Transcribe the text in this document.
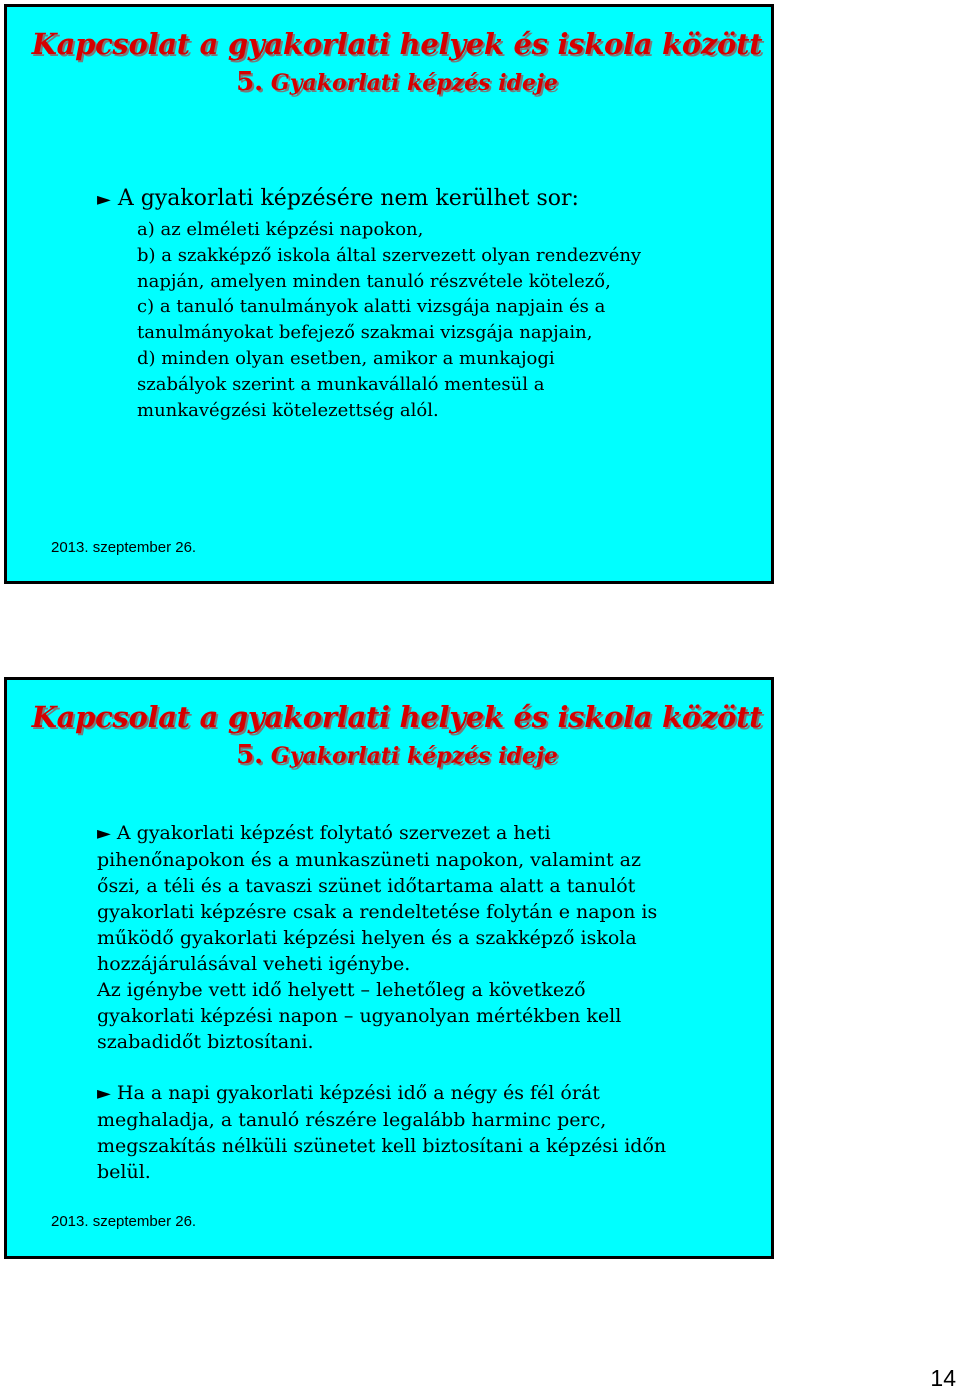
Kapcsolat a gyakorlati helyek és iskola között
5. Gyakorlati képzés ideje
► A gyakorlati képzésére nem kerülhet sor:
a) az elméleti képzési napokon,
b) a szakképző iskola által szervezett olyan rendezvény
napján, amelyen minden tanuló részvétele kötelező,
c) a tanuló tanulmányok alatti vizsgája napjain és a
tanulmányokat befejező szakmai vizsgája napjain,
d) minden olyan esetben, amikor a munkajogi
szabályok szerint a munkavállaló mentesül a
munkavégzési kötelezettség alól.
2013. szeptember 26.
Kapcsolat a gyakorlati helyek és iskola között
5. Gyakorlati képzés ideje
► A gyakorlati képzést folytató szervezet a heti
pihenőnapokon és a munkaszüneti napokon, valamint az
őszi, a téli és a tavaszi szünet időtartama alatt a tanulót
gyakorlati képzésre csak a rendeltetése folytán e napon is
működő gyakorlati képzési helyen és a szakképző iskola
hozzájárulásával veheti igénybe.
Az igénybe vett idő helyett – lehetőleg a következő
gyakorlati képzési napon – ugyanolyan mértékben kell
szabadidőt biztosítani.
► Ha a napi gyakorlati képzési idő a négy és fél órát
meghaladja, a tanuló részére legalább harminc perc,
megszakítás nélküli szünetet kell biztosítani a képzési időn
belül.
2013. szeptember 26.
14
